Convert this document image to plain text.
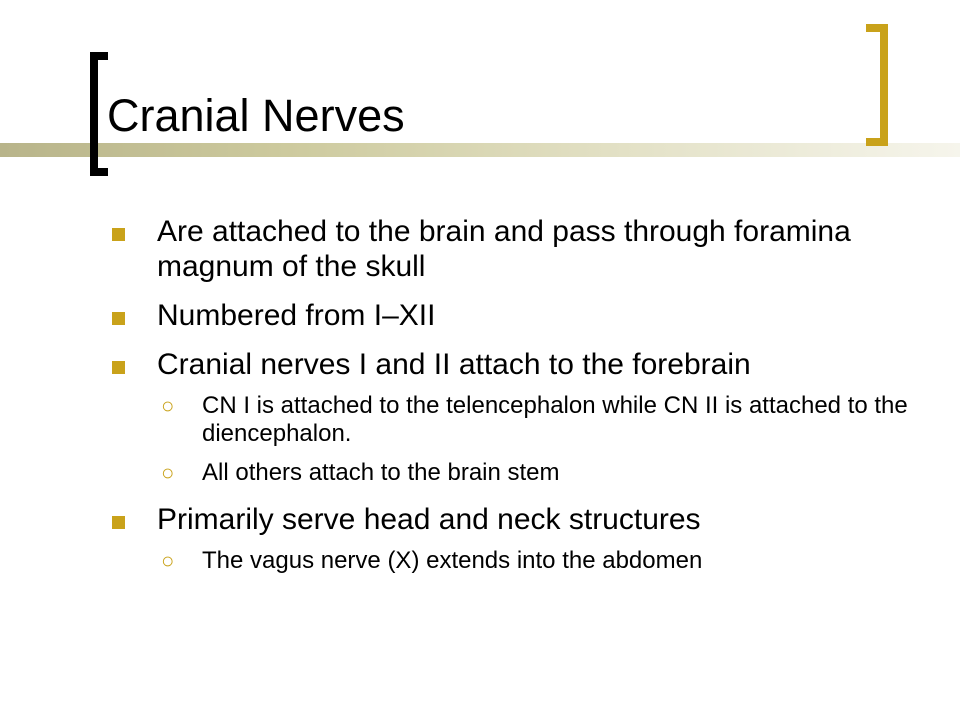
Cranial Nerves
Are attached to the brain and pass through foramina magnum of the skull
Numbered from I–XII
Cranial nerves I and II attach to the forebrain
○ CN I is attached to the telencephalon while CN II is attached to the diencephalon.
○ All others attach to the brain stem
Primarily serve head and neck structures
○ The vagus nerve (X) extends into the abdomen
